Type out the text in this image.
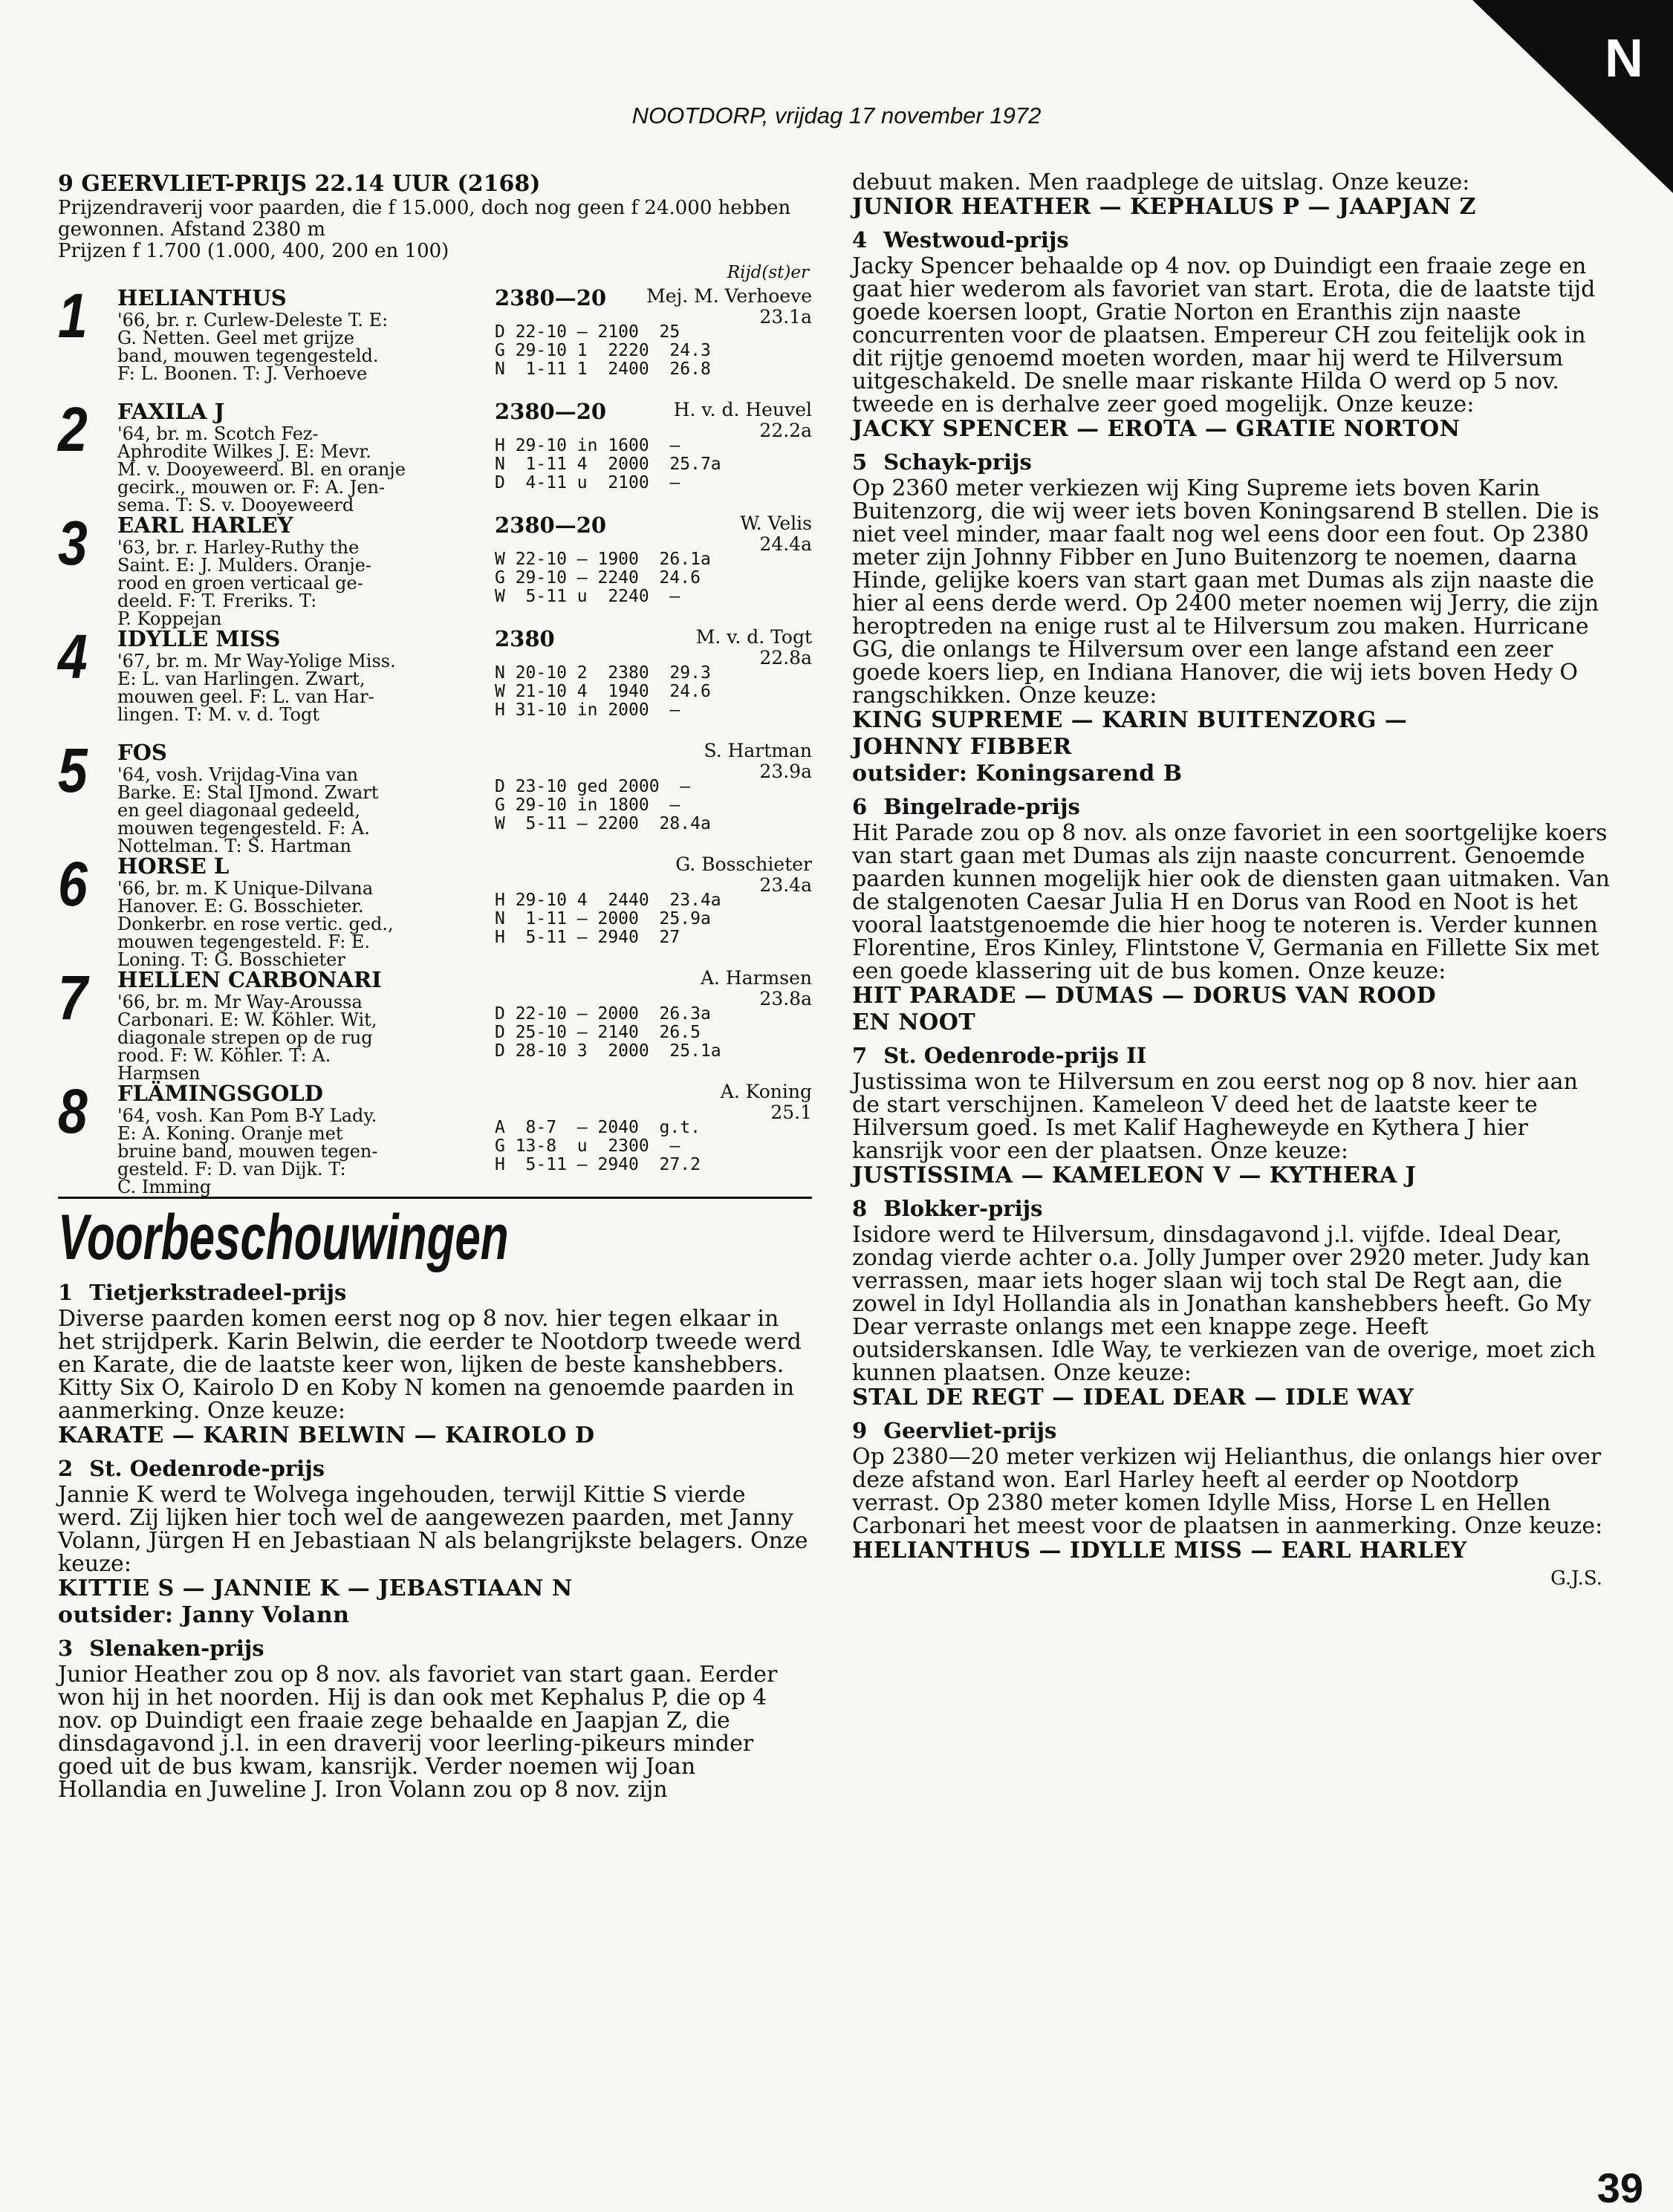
N
NOOTDORP, vrijdag 17 november 1972
9 GEERVLIET-PRIJS 22.14 UUR (2168)
Prijzendraverij voor paarden, die f 15.000, doch nog geen f 24.000 hebben gewonnen. Afstand 2380 m
Prijzen f 1.700 (1.000, 400, 200 en 100)
Rijd(st)er
1 HELIANTHUS
'66, br. r. Curlew-Deleste T. E:
G. Netten. Geel met grijze
band, mouwen tegengesteld.
F: L. Boonen. T: J. Verhoeve
2380—20 Mej. M. Verhoeve
23.1a
D 22-10 — 2100  25
G 29-10 1  2220  24.3
N  1-11 1  2400  26.8
2 FAXILA J
'64, br. m. Scotch Fez-
Aphrodite Wilkes J. E: Mevr.
M. v. Dooyeweerd. Bl. en oranje
gecirk., mouwen or. F: A. Jen-
sema. T: S. v. Dooyeweerd
2380—20	H. v. d. Heuvel
22.2a
H 29-10 in 1600  —
N  1-11 4  2000  25.7a
D  4-11 u  2100  —
3 EARL HARLEY
'63, br. r. Harley-Ruthy the
Saint. E: J. Mulders. Oranje-
rood en groen verticaal ge-
deeld. F: T. Freriks. T:
P. Koppejan
2380—20	W. Velis
24.4a
W 22-10 — 1900  26.1a
G 29-10 — 2240  24.6
W  5-11 u  2240  —
4 IDYLLE MISS
'67, br. m. Mr Way-Yolige Miss.
E: L. van Harlingen. Zwart,
mouwen geel. F: L. van Har-
lingen. T: M. v. d. Togt
2380	M. v. d. Togt
22.8a
N 20-10 2  2380  29.3
W 21-10 4  1940  24.6
H 31-10 in 2000  —
5 FOS
'64, vosh. Vrijdag-Vina van
Barke. E: Stal IJmond. Zwart
en geel diagonaal gedeeld,
mouwen tegengesteld. F: A.
Nottelman. T: S. Hartman
S. Hartman
23.9a
D 23-10 ged 2000  —
G 29-10 in 1800  —
W  5-11 — 2200  28.4a
6 HORSE L
'66, br. m. K Unique-Dilvana
Hanover. E: G. Bosschieter.
Donkerbr. en rose vertic. ged.,
mouwen tegengesteld. F: E.
Loning. T: G. Bosschieter
G. Bosschieter
23.4a
H 29-10 4  2440  23.4a
N  1-11 — 2000  25.9a
H  5-11 — 2940  27
7 HELLEN CARBONARI
'66, br. m. Mr Way-Aroussa
Carbonari. E: W. Köhler. Wit,
diagonale strepen op de rug
rood. F: W. Köhler. T: A.
Harmsen
A. Harmsen
23.8a
D 22-10 — 2000  26.3a
D 25-10 — 2140  26.5
D 28-10 3  2000  25.1a
8 FLÄMINGSGOLD
'64, vosh. Kan Pom B-Y Lady.
E: A. Koning. Oranje met
bruine band, mouwen tegen-
gesteld. F: D. van Dijk. T:
C. Imming
A. Koning
25.1
A  8-7  — 2040  g.t.
G 13-8  u  2300  —
H  5-11 — 2940  27.2
Voorbeschouwingen
1 Tietjerkstradeel-prijs
Diverse paarden komen eerst nog op 8 nov. hier tegen elkaar in het strijdperk. Karin Belwin, die eerder te Nootdorp tweede werd en Karate, die de laatste keer won, lijken de beste kanshebbers. Kitty Six O, Kairolo D en Koby N komen na genoemde paarden in aanmerking. Onze keuze:
KARATE — KARIN BELWIN — KAIROLO D
2 St. Oedenrode-prijs
Jannie K werd te Wolvega ingehouden, terwijl Kittie S vierde werd. Zij lijken hier toch wel de aangewezen paarden, met Janny Volann, Jürgen H en Jebastiaan N als belangrijkste belagers. Onze keuze:
KITTIE S — JANNIE K — JEBASTIAAN N
outsider: Janny Volann
3 Slenaken-prijs
Junior Heather zou op 8 nov. als favoriet van start gaan. Eerder won hij in het noorden. Hij is dan ook met Kephalus P, die op 4 nov. op Duindigt een fraaie zege behaalde en Jaapjan Z, die dinsdagavond j.l. in een draverij voor leerling-pikeurs minder goed uit de bus kwam, kansrijk. Verder noemen wij Joan Hollandia en Juweline J. Iron Volann zou op 8 nov. zijn
debuut maken. Men raadplege de uitslag. Onze keuze:
JUNIOR HEATHER — KEPHALUS P — JAAPJAN Z
4 Westwoud-prijs
Jacky Spencer behaalde op 4 nov. op Duindigt een fraaie zege en gaat hier wederom als favoriet van start. Erota, die de laatste tijd goede koersen loopt, Gratie Norton en Eranthis zijn naaste concurrenten voor de plaatsen. Empereur CH zou feitelijk ook in dit rijtje genoemd moeten worden, maar hij werd te Hilversum uitgeschakeld. De snelle maar riskante Hilda O werd op 5 nov. tweede en is derhalve zeer goed mogelijk. Onze keuze:
JACKY SPENCER — EROTA — GRATIE NORTON
5 Schayk-prijs
Op 2360 meter verkiezen wij King Supreme iets boven Karin Buitenzorg, die wij weer iets boven Koningsarend B stellen. Die is niet veel minder, maar faalt nog wel eens door een fout. Op 2380 meter zijn Johnny Fibber en Juno Buitenzorg te noemen, daarna Hinde, gelijke koers van start gaan met Dumas als zijn naaste die hier al eens derde werd. Op 2400 meter noemen wij Jerry, die zijn heroptreden na enige rust al te Hilversum zou maken. Hurricane GG, die onlangs te Hilversum over een lange afstand een zeer goede koers liep, en Indiana Hanover, die wij iets boven Hedy O rangschikken. Onze keuze:
KING SUPREME — KARIN BUITENZORG —
JOHNNY FIBBER
outsider: Koningsarend B
6 Bingelrade-prijs
Hit Parade zou op 8 nov. als onze favoriet in een soortgelijke koers van start gaan met Dumas als zijn naaste concurrent. Genoemde paarden kunnen mogelijk hier ook de diensten gaan uitmaken. Van de stalgenoten Caesar Julia H en Dorus van Rood en Noot is het vooral laatstgenoemde die hier hoog te noteren is. Verder kunnen Florentine, Eros Kinley, Flintstone V, Germania en Fillette Six met een goede klassering uit de bus komen. Onze keuze:
HIT PARADE — DUMAS — DORUS VAN ROOD
EN NOOT
7 St. Oedenrode-prijs II
Justissima won te Hilversum en zou eerst nog op 8 nov. hier aan de start verschijnen. Kameleon V deed het de laatste keer te Hilversum goed. Is met Kalif Hagheweyde en Kythera J hier kansrijk voor een der plaatsen. Onze keuze:
JUSTISSIMA — KAMELEON V — KYTHERA J
8 Blokker-prijs
Isidore werd te Hilversum, dinsdagavond j.l. vijfde. Ideal Dear, zondag vierde achter o.a. Jolly Jumper over 2920 meter. Judy kan verrassen, maar iets hoger slaan wij toch stal De Regt aan, die zowel in Idyl Hollandia als in Jonathan kanshebbers heeft. Go My Dear verraste onlangs met een knappe zege. Heeft outsiderskansen. Idle Way, te verkiezen van de overige, moet zich kunnen plaatsen. Onze keuze:
STAL DE REGT — IDEAL DEAR — IDLE WAY
9 Geervliet-prijs
Op 2380—20 meter verkizen wij Helianthus, die onlangs hier over deze afstand won. Earl Harley heeft al eerder op Nootdorp verrast. Op 2380 meter komen Idylle Miss, Horse L en Hellen Carbonari het meest voor de plaatsen in aanmerking. Onze keuze:
HELIANTHUS — IDYLLE MISS — EARL HARLEY
G.J.S.
39
